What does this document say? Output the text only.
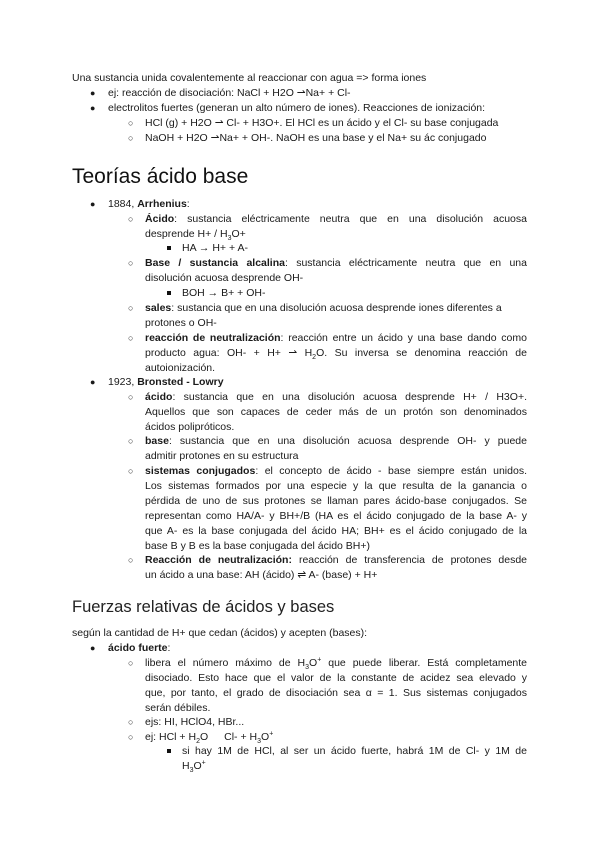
Una sustancia unida covalentemente al reaccionar con agua => forma iones
● ej: reacción de disociación: NaCl + H2O ⇀Na+ + Cl-
● electrolitos fuertes (generan un alto número de iones). Reacciones de ionización:
○ HCl (g) + H2O ⇀ Cl- + H3O+. El HCl es un ácido y el Cl- su base conjugada
○ NaOH + H2O ⇀Na+ + OH-. NaOH es una base y el Na+ su ác conjugado
Teorías ácido base
● 1884, Arrhenius:
○ Ácido: sustancia eléctricamente neutra que en una disolución acuosa
desprende $H+ / H_3O+$
HA → H+ + A-
○ Base / sustancia alcalina: sustancia eléctricamente neutra que en una
disolución acuosa desprende OH-
BOH → B+ + OH-
○ sales: sustancia que en una disolución acuosa desprende iones diferentes a
protones o OH-
○ reacción de neutralización: reacción entre un ácido y una base dando como
producto agua: OH- + H+ ⇀ $H_2O$. Su inversa se denomina reacción de
autoionización.
● 1923, Bronsted - Lowry
○ ácido: sustancia que en una disolución acuosa desprende H+ / H3O+.
Aquellos que son capaces de ceder más de un protón son denominados
ácidos polipróticos.
○ base: sustancia que en una disolución acuosa desprende OH- y puede
admitir protones en su estructura
○ sistemas conjugados: el concepto de ácido - base siempre están unidos.
Los sistemas formados por una especie y la que resulta de la ganancia o
pérdida de uno de sus protones se llaman pares ácido-base conjugados. Se
representan como HA/A- y BH+/B (HA es el ácido conjugado de la base A- y
que A- es la base conjugada del ácido HA; BH+ es el ácido conjugado de la
base B y B es la base conjugada del ácido BH+)
○ Reacción de neutralización: reacción de transferencia de protones desde
un ácido a una base: AH (ácido) ⇌ A- (base) + H+
Fuerzas relativas de ácidos y bases
según la cantidad de H+ que cedan (ácidos) y acepten (bases):
● ácido fuerte:
○ libera el número máximo de $H_3O^+$ que puede liberar. Está completamente
disociado. Esto hace que el valor de la constante de acidez sea elevado y
que, por tanto, el grado de disociación sea α = 1. Sus sistemas conjugados
serán débiles.
○ ejs: HI, HClO4, HBr...
○ ej: HCl + $H_2O$ $Cl- + H_3O^+$
si hay 1M de HCl, al ser un ácido fuerte, habrá 1M de Cl- y 1M de
$H_3O^+$
